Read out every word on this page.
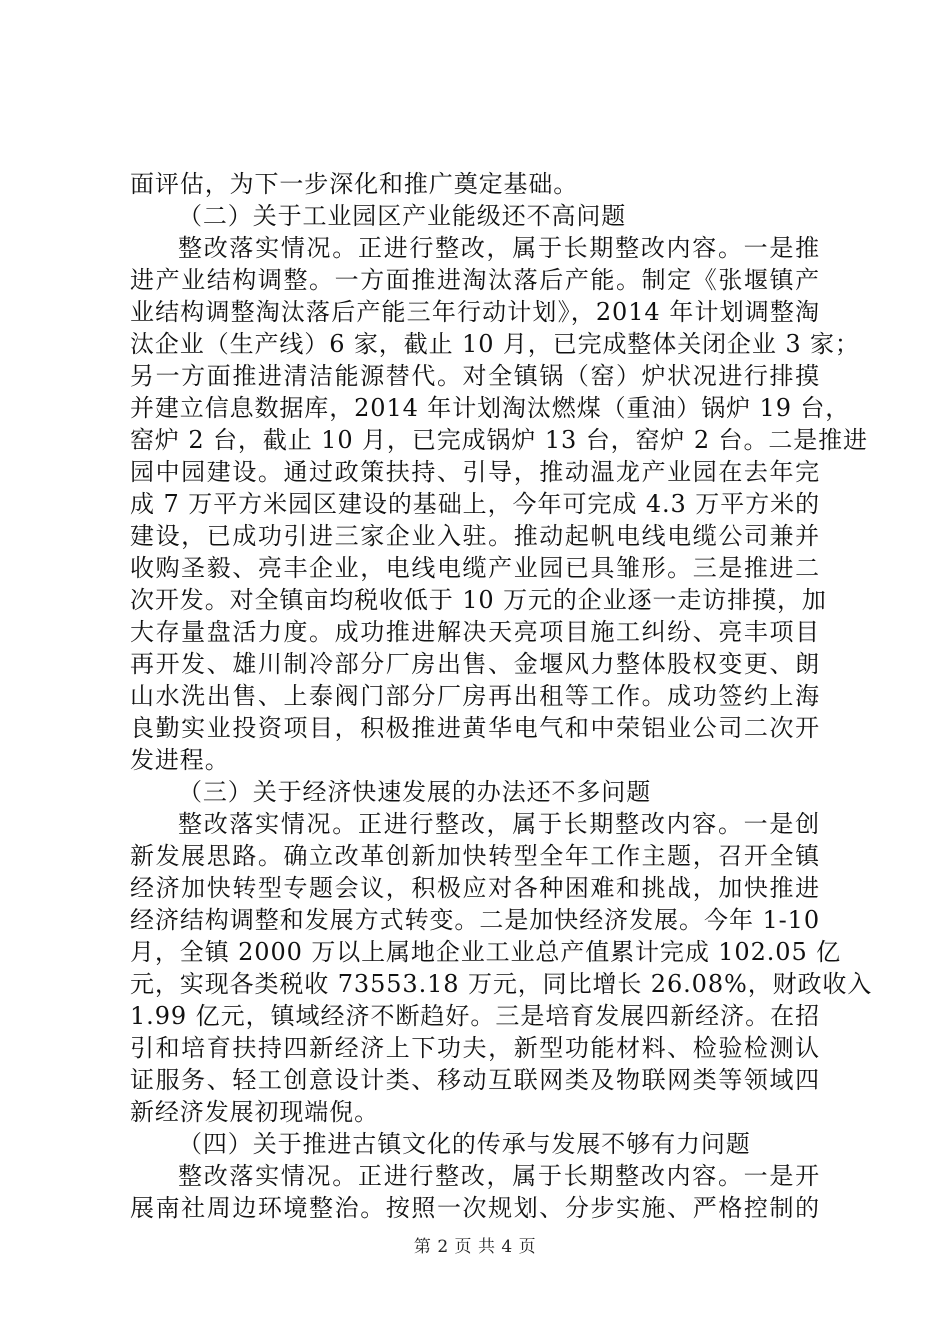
面评估，为下一步深化和推广奠定基础。
（二）关于工业园区产业能级还不高问题
整改落实情况。正进行整改，属于长期整改内容。一是推
进产业结构调整。一方面推进淘汰落后产能。制定《张堰镇产
业结构调整淘汰落后产能三年行动计划》，2014 年计划调整淘
汰企业（生产线）6 家，截止 10 月，已完成整体关闭企业 3 家；
另一方面推进清洁能源替代。对全镇锅（窑）炉状况进行排摸
并建立信息数据库，2014 年计划淘汰燃煤（重油）锅炉 19 台，
窑炉 2 台，截止 10 月，已完成锅炉 13 台，窑炉 2 台。二是推进
园中园建设。通过政策扶持、引导，推动温龙产业园在去年完
成 7 万平方米园区建设的基础上，今年可完成 4.3 万平方米的
建设，已成功引进三家企业入驻。推动起帆电线电缆公司兼并
收购圣毅、亮丰企业，电线电缆产业园已具雏形。三是推进二
次开发。对全镇亩均税收低于 10 万元的企业逐一走访排摸，加
大存量盘活力度。成功推进解决天亮项目施工纠纷、亮丰项目
再开发、雄川制冷部分厂房出售、金堰风力整体股权变更、朗
山水洗出售、上泰阀门部分厂房再出租等工作。成功签约上海
良勤实业投资项目，积极推进黄华电气和中荣铝业公司二次开
发进程。
（三）关于经济快速发展的办法还不多问题
整改落实情况。正进行整改，属于长期整改内容。一是创
新发展思路。确立改革创新加快转型全年工作主题，召开全镇
经济加快转型专题会议，积极应对各种困难和挑战，加快推进
经济结构调整和发展方式转变。二是加快经济发展。今年 1-10
月，全镇 2000 万以上属地企业工业总产值累计完成 102.05 亿
元，实现各类税收 73553.18 万元，同比增长 26.08%，财政收入
1.99 亿元，镇域经济不断趋好。三是培育发展四新经济。在招
引和培育扶持四新经济上下功夫，新型功能材料、检验检测认
证服务、轻工创意设计类、移动互联网类及物联网类等领域四
新经济发展初现端倪。
（四）关于推进古镇文化的传承与发展不够有力问题
整改落实情况。正进行整改，属于长期整改内容。一是开
展南社周边环境整治。按照一次规划、分步实施、严格控制的
第 2 页 共 4 页
